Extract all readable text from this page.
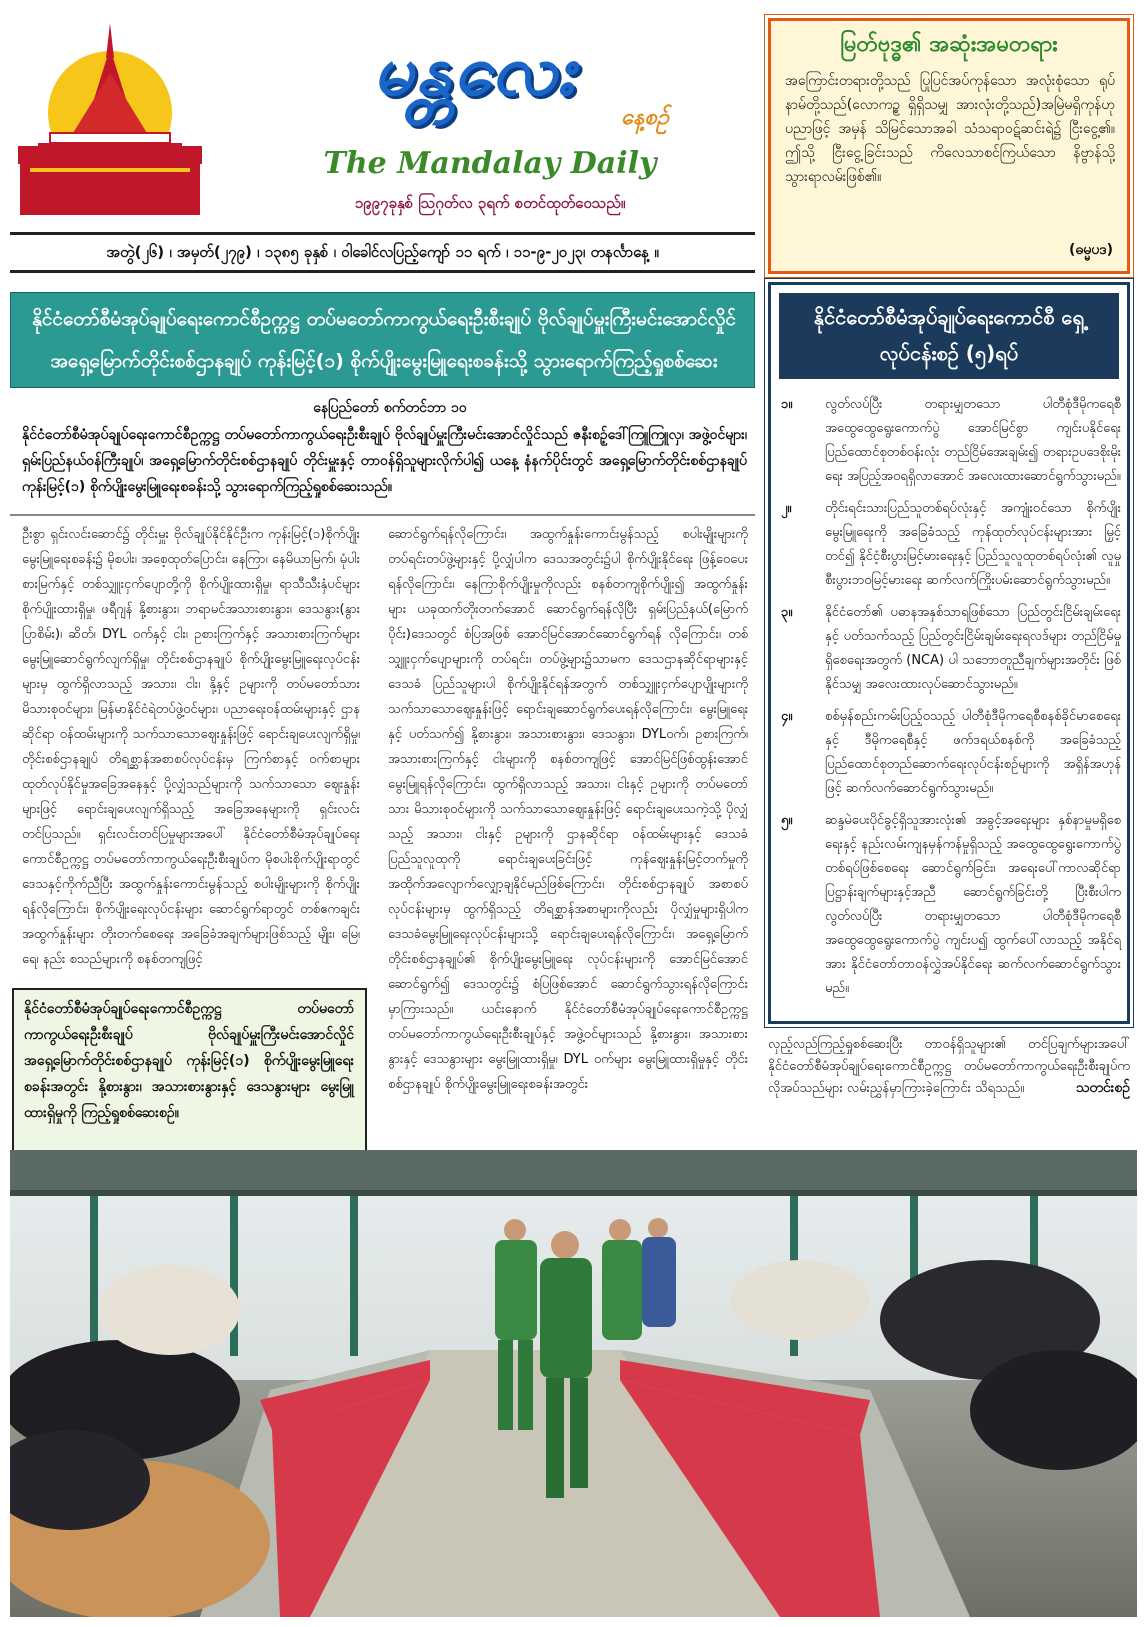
မန္တလေး
နေ့စဉ်
The Mandalay Daily
၁၉၉၇ခုနှစ် ဩဂုတ်လ ၃ရက် စတင်ထုတ်ဝေသည်။
အတွဲ(၂၆) ၊ အမှတ်(၂၇၉) ၊ ၁၃၈၅ ခုနှစ် ၊ ဝါခေါင်လပြည့်ကျော် ၁၁ ရက် ၊ ၁၁-၉-၂၀၂၃၊ တနင်္လာနေ့ ။
မြတ်ဗုဒ္ဓ၏ အဆုံးအမတရား
အကြောင်းတရားတို့သည် ပြုပြင်အပ်ကုန်သော အလုံးစုံသော ရုပ်နာမ်တို့သည်(လောကဥ္စ ရှိရှိသမျှ အားလုံးတို့သည်)အမြဲမရှိကုန်ဟု ပညာဖြင့် အမှန် သိမြင်သောအခါ သံသရာဝဋ်ဆင်းရဲ၌ ငြီးငွေ့၏။ ဤသို့ ငြီးငွေ့ခြင်းသည် ကိလေသာစင်ကြယ်သော နိဗ္ဗာန်သို့ သွားရာလမ်းဖြစ်၏။
(ဓမ္မပဒ)
နိုင်ငံတော်စီမံအုပ်ချုပ်ရေးကောင်စီဥက္ကဋ္ဌ တပ်မတော်ကာကွယ်ရေးဦးစီးချုပ် ဗိုလ်ချုပ်မှူးကြီးမင်းအောင်လှိုင်
အရှေ့မြောက်တိုင်းစစ်ဌာနချုပ် ကုန်းမြင့်(၁) စိုက်ပျိုးမွေးမြူရေးစခန်းသို့ သွားရောက်ကြည့်ရှုစစ်ဆေး
နေပြည်တော် စက်တင်ဘာ ၁၀
နိုင်ငံတော်စီမံအုပ်ချုပ်ရေးကောင်စီဥက္ကဋ္ဌ တပ်မတော်ကာကွယ်ရေးဦးစီးချုပ် ဗိုလ်ချုပ်မှူးကြီးမင်းအောင်လှိုင်သည် ဇနီးစဉ့်ဒေါ်ကြူကြူလှ၊ အဖွဲ့ဝင်များ၊ ရှမ်းပြည်နယ်ဝန်ကြီးချုပ်၊ အရှေ့မြောက်တိုင်းစစ်ဌာနချုပ် တိုင်းမှူးနှင့် တာဝန်ရှိသူများလိုက်ပါ၍ ယနေ့ နံနက်ပိုင်းတွင် အရှေ့မြောက်တိုင်းစစ်ဌာနချုပ် ကုန်းမြင့်(၁) စိုက်ပျိုးမွေးမြူရေးစခန်းသို့ သွားရောက်ကြည့်ရှုစစ်ဆေးသည်။
ဦးစွာ ရှင်းလင်းဆောင်၌ တိုင်းမှူး ဗိုလ်ချုပ်နိုင်နိုင်ဦးက ကုန်းမြင့်(၁)စိုက်ပျိုးမွေးမြူရေးစခန်း၌ မိုစပါး၊ အစေ့ထုတ်ပြောင်း၊ နေကြာ၊ နေမိယာမြက်၊ မုံပါးစားမြက်နှင့် တစ်သျှူးငှက်ပျောတို့ကို စိုက်ပျိုးထားရှိမှု၊ ရာသီသီးနှံပင်များ စိုက်ပျိုးထားရှိမှု၊ ဖရီဂျန် နို့စားနွား၊ ဘရာမင်အသားစားနွား၊ ဒေသနွား(နွားပြာစိမ်း)၊ ဆိတ်၊ DYL ဝက်နှင့် ငါး၊ ဥစားကြက်နှင့် အသားစားကြက်များ မွေးမြူဆောင်ရွက်လျက်ရှိမှု၊ တိုင်းစစ်ဌာနချုပ် စိုက်ပျိုးမွေးမြူရေးလုပ်ငန်းများမှ ထွက်ရှိလာသည့် အသား၊ ငါး၊ နို့နှင့် ဥများကို တပ်မတော်သားမိသားစုဝင်များ၊ မြန်မာနိုင်ငံရဲတပ်ဖွဲ့ဝင်များ၊ ပညာရေးဝန်ထမ်းများနှင့် ဌာနဆိုင်ရာ ဝန်ထမ်းများကို သက်သာသောဈေးနှုန်းဖြင့် ရောင်းချပေးလျက်ရှိမှု၊ တိုင်းစစ်ဌာနချုပ် တိရစ္ဆာန်အစာစပ်လုပ်ငန်းမှ ကြက်စာနှင့် ဝက်စာများထုတ်လုပ်နိုင်မှုအခြေအနေနှင့် ပို့လျှံသည်များကို သက်သာသော ဈေးနှုန်းများဖြင့် ရောင်းချပေးလျက်ရှိသည့် အခြေအနေများကို ရှင်းလင်းတင်ပြသည်။ ရှင်းလင်းတင်ပြမှုများအပေါ် နိုင်ငံတော်စီမံအုပ်ချုပ်ရေးကောင်စီဥက္ကဋ္ဌ တပ်မတော်ကာကွယ်ရေးဦးစီးချုပ်က မိုစပါးစိုက်ပျိုးရာတွင် ဒေသနှင့်ကိုက်ညီပြီး အထွက်နှုန်းကောင်းမွန်သည့် စပါးမျိုးများကို စိုက်ပျိုးရန်လိုကြောင်း၊ စိုက်ပျိုးရေးလုပ်ငန်းများ ဆောင်ရွက်ရာတွင် တစ်ဧကချင်း အထွက်နှုန်းများ တိုးတက်စေရေး အခြေခံအချက်များဖြစ်သည့် မျိုး၊ မြေ၊ ရေ၊ နည်း စသည်များကို စနစ်တကျဖြင့်
ဆောင်ရွက်ရန်လိုကြောင်း၊ အထွက်နှုန်းကောင်းမွန်သည့် စပါးမျိုးများကို တပ်ရင်းတပ်ဖွဲ့များနှင့် ပို့လျှံပါက ဒေသအတွင်း၌ပါ စိုက်ပျိုးနိုင်ရေး ဖြန့်ဝေပေးရန်လိုကြောင်း၊ နေကြာစိုက်ပျိုးမှုကိုလည်း စနစ်တကျစိုက်ပျိုး၍ အထွက်နှုန်းများ ယခုထက်တိုးတက်အောင် ဆောင်ရွက်ရန်လိုပြီး ရှမ်းပြည်နယ်(မြောက်ပိုင်း)ဒေသတွင် စံပြအဖြစ် အောင်မြင်အောင်ဆောင်ရွက်ရန် လိုကြောင်း၊ တစ်သျှူးငှက်ပျောများကို တပ်ရင်း၊ တပ်ဖွဲ့များ၌သာမက ဒေသဌာနဆိုင်ရာများနှင့် ဒေသခံ ပြည်သူများပါ စိုက်ပျိုးနိုင်ရန်အတွက် တစ်သျှူးငှက်ပျောပျိုးများကို သက်သာသောဈေးနှုန်းဖြင့် ရောင်းချဆောင်ရွက်ပေးရန်လိုကြောင်း၊ မွေးမြူရေးနှင့် ပတ်သက်၍ နို့စားနွား၊ အသားစားနွား၊ ဒေသနွား၊ DYLဝက်၊ ဥစားကြက်၊ အသားစားကြက်နှင့် ငါးများကို စနစ်တကျဖြင့် အောင်မြင်ဖြစ်ထွန်းအောင် မွေးမြူရန်လိုကြောင်း၊ ထွက်ရှိလာသည့် အသား၊ ငါးနှင့် ဥများကို တပ်မတော်သား မိသားစုဝင်များကို သက်သာသောဈေးနှုန်းဖြင့် ရောင်းချပေးသကဲ့သို့ ပိုလျှံသည့် အသား၊ ငါးနှင့် ဥများကို ဌာနဆိုင်ရာ ဝန်ထမ်းများနှင့် ဒေသခံပြည်သူလူထုကို ရောင်းချပေးခြင်းဖြင့် ကုန်ဈေးနှုန်းမြင့်တက်မှုကို အထိုက်အလျောက်လျှော့ချနိုင်မည်ဖြစ်ကြောင်း၊ တိုင်းစစ်ဌာနချုပ် အစာစပ်လုပ်ငန်းများမှ ထွက်ရှိသည့် တိရစ္ဆာန်အစာများကိုလည်း ပိုလျှံမှုများရှိပါက ဒေသခံမွေးမြူရေးလုပ်ငန်းများသို့ ရောင်းချပေးရန်လိုကြောင်း၊ အရှေ့မြောက်တိုင်းစစ်ဌာနချုပ်၏ စိုက်ပျိုးမွေးမြူရေး လုပ်ငန်းများကို အောင်မြင်အောင်ဆောင်ရွက်၍ ဒေသတွင်း၌ စံပြဖြစ်အောင် ဆောင်ရွက်သွားရန်လိုကြောင်း မှာကြားသည်။ ယင်းနောက် နိုင်ငံတော်စီမံအုပ်ချုပ်ရေးကောင်စီဥက္ကဋ္ဌ တပ်မတော်ကာကွယ်ရေးဦးစီးချုပ်နှင့် အဖွဲ့ဝင်များသည် နို့စားနွား၊ အသားစားနွားနှင့် ဒေသနွားများ မွေးမြူထားရှိမှု၊ DYL ဝက်များ မွေးမြူထားရှိမှုနှင့် တိုင်းစစ်ဌာနချုပ် စိုက်ပျိုးမွေးမြူရေးစခန်းအတွင်း
နိုင်ငံတော်စီမံအုပ်ချုပ်ရေးကောင်စီဥက္ကဋ္ဌ တပ်မတော်ကာကွယ်ရေးဦးစီးချုပ် ဗိုလ်ချုပ်မှူးကြီးမင်းအောင်လှိုင် အရှေ့မြောက်တိုင်းစစ်ဌာနချုပ် ကုန်းမြင့်(၁) စိုက်ပျိုးမွေးမြူရေးစခန်းအတွင်း နို့စားနွား၊ အသားစားနွားနှင့် ဒေသနွားများ မွေးမြူထားရှိမှုကို ကြည့်ရှုစစ်ဆေးစဉ်။
နိုင်ငံတော်စီမံအုပ်ချုပ်ရေးကောင်စီ ရှေ့လုပ်ငန်းစဉ် (၅)ရပ်
၁။	လွတ်လပ်ပြီး တရားမျှတသော ပါတီစုံဒီမိုကရေစီ အထွေထွေရွေးကောက်ပွဲ အောင်မြင်စွာ ကျင်းပနိုင်ရေး ပြည်ထောင်စုတစ်ဝန်းလုံး တည်ငြိမ်အေးချမ်း၍ တရားဥပဒေစိုးမိုးရေး အပြည့်အဝရရှိလာအောင် အလေးထားဆောင်ရွက်သွားမည်။
၂။	တိုင်းရင်းသားပြည်သူတစ်ရပ်လုံးနှင့် အကျုံးဝင်သော စိုက်ပျိုးမွေးမြူရေးကို အခြေခံသည့် ကုန်ထုတ်လုပ်ငန်းများအား မြှင့်တင်၍ နိုင်ငံ့စီးပွားမြင့်မားရေးနှင့် ပြည်သူလူထုတစ်ရပ်လုံး၏ လူမှုစီးပွားဘဝမြင့်မားရေး ဆက်လက်ကြိုးပမ်းဆောင်ရွက်သွားမည်။
၃။	နိုင်ငံတော်၏ ပဓာနအနှစ်သာရဖြစ်သော ပြည်တွင်းငြိမ်းချမ်းရေးနှင့် ပတ်သက်သည့် ပြည်တွင်းငြိမ်းချမ်းရေးရလဒ်များ တည်ငြိမ်မှုရှိစေရေးအတွက် (NCA) ပါ သဘောတူညီချက်များအတိုင်း ဖြစ်နိုင်သမျှ အလေးထားလုပ်ဆောင်သွားမည်။
၄။	စစ်မှန်စည်းကမ်းပြည့်ဝသည့် ပါတီစုံဒီမိုကရေစီစနစ်ခိုင်မာစေရေးနှင့် ဒီမိုကရေစီနှင့် ဖက်ဒရယ်စနစ်ကို အခြေခံသည့် ပြည်ထောင်စုတည်ဆောက်ရေးလုပ်ငန်းစဉ်များကို အရှိန်အဟုန်ဖြင့် ဆက်လက်ဆောင်ရွက်သွားမည်။
၅။	ဆန္ဒမဲပေးပိုင်ခွင့်ရှိသူအားလုံး၏ အခွင့်အရေးများ နှစ်နာမှုမရှိစေရေးနှင့် နည်းလမ်းကျနမှန်ကန်မှုရှိသည့် အထွေထွေရွေးကောက်ပွဲတစ်ရပ်ဖြစ်စေရေး ဆောင်ရွက်ခြင်း၊ အရေးပေါ်ကာလဆိုင်ရာ ပြဋ္ဌာန်းချက်များနှင့်အညီ ဆောင်ရွက်ခြင်းတို့ ပြီးစီးပါက လွတ်လပ်ပြီး တရားမျှတသော ပါတီစုံဒီမိုကရေစီအထွေထွေရွေးကောက်ပွဲ ကျင်းပ၍ ထွက်ပေါ်လာသည့် အနိုင်ရအား နိုင်ငံတော်တာဝန်လွှဲအပ်နိုင်ရေး ဆက်လက်ဆောင်ရွက်သွားမည်။
လှည့်လည်ကြည့်ရှုစစ်ဆေးပြီး တာဝန်ရှိသူများ၏ တင်ပြချက်များအပေါ် နိုင်ငံတော်စီမံအုပ်ချုပ်ရေးကောင်စီဥက္ကဋ္ဌ တပ်မတော်ကာကွယ်ရေးဦးစီးချုပ်က လိုအပ်သည်များ လမ်းညွှန်မှာကြားခဲ့ကြောင်း သိရသည်။	သတင်းစဉ်
